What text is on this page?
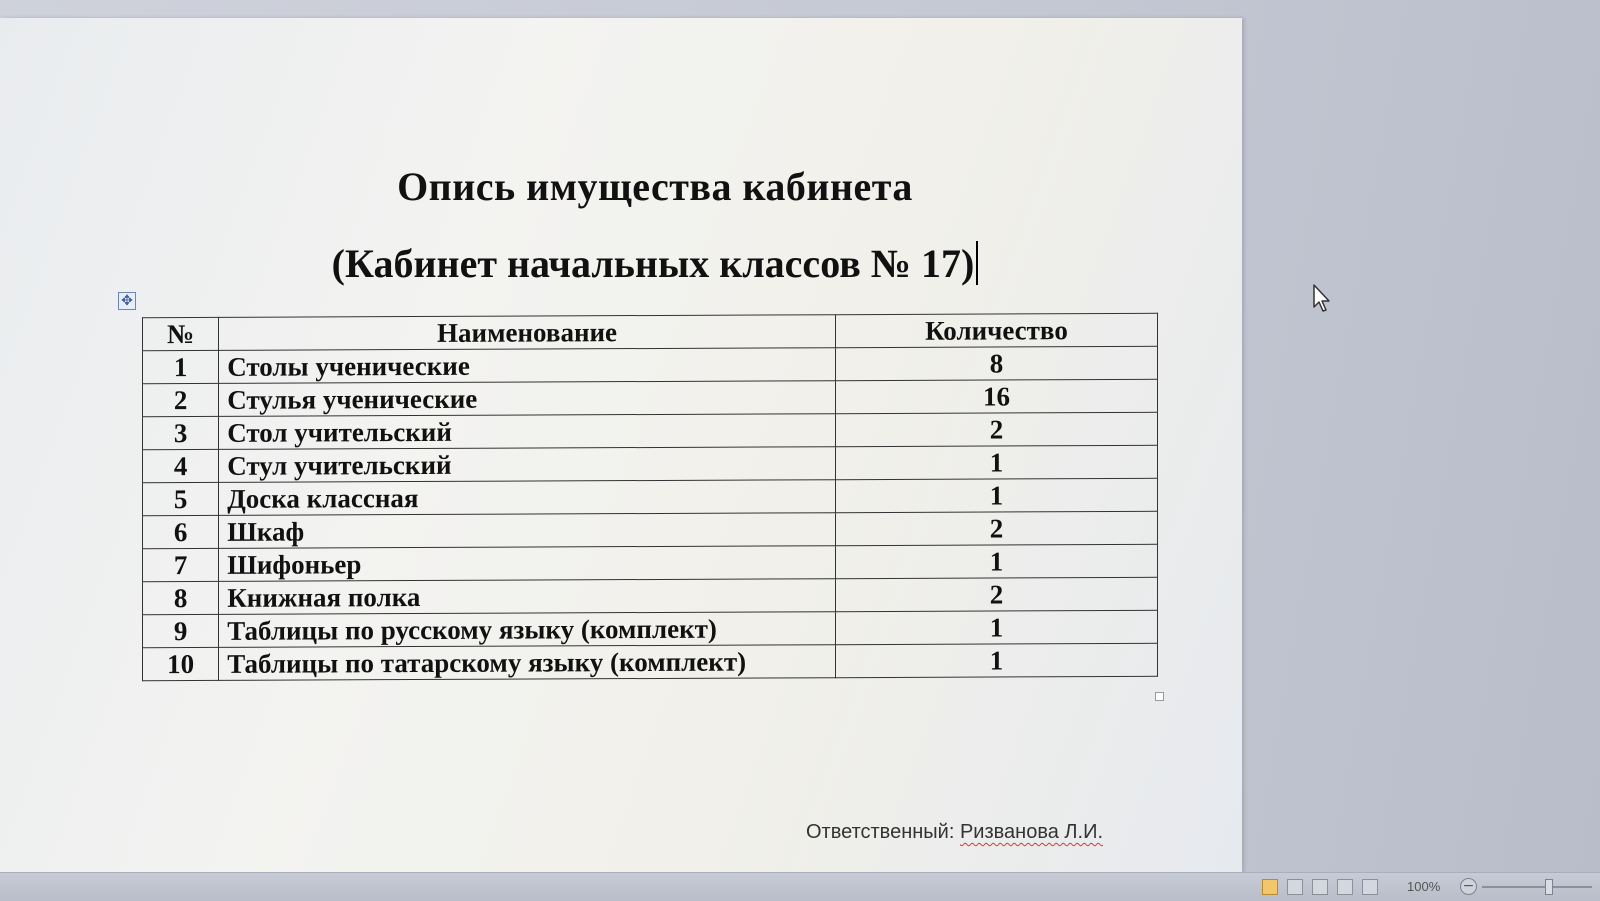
Опись имущества кабинета
(Кабинет начальных классов № 17)
✥
№	Наименование	Количество
1	Столы ученические	8
2	Стулья ученические	16
3	Стол учительский	2
4	Стул учительский	1
5	Доска классная	1
6	Шкаф	2
7	Шифоньер	1
8	Книжная полка	2
9	Таблицы по русскому языку (комплект)	1
10	Таблицы по татарскому языку (комплект)	1
Ответственный: Ризванова Л.И.
100% −
